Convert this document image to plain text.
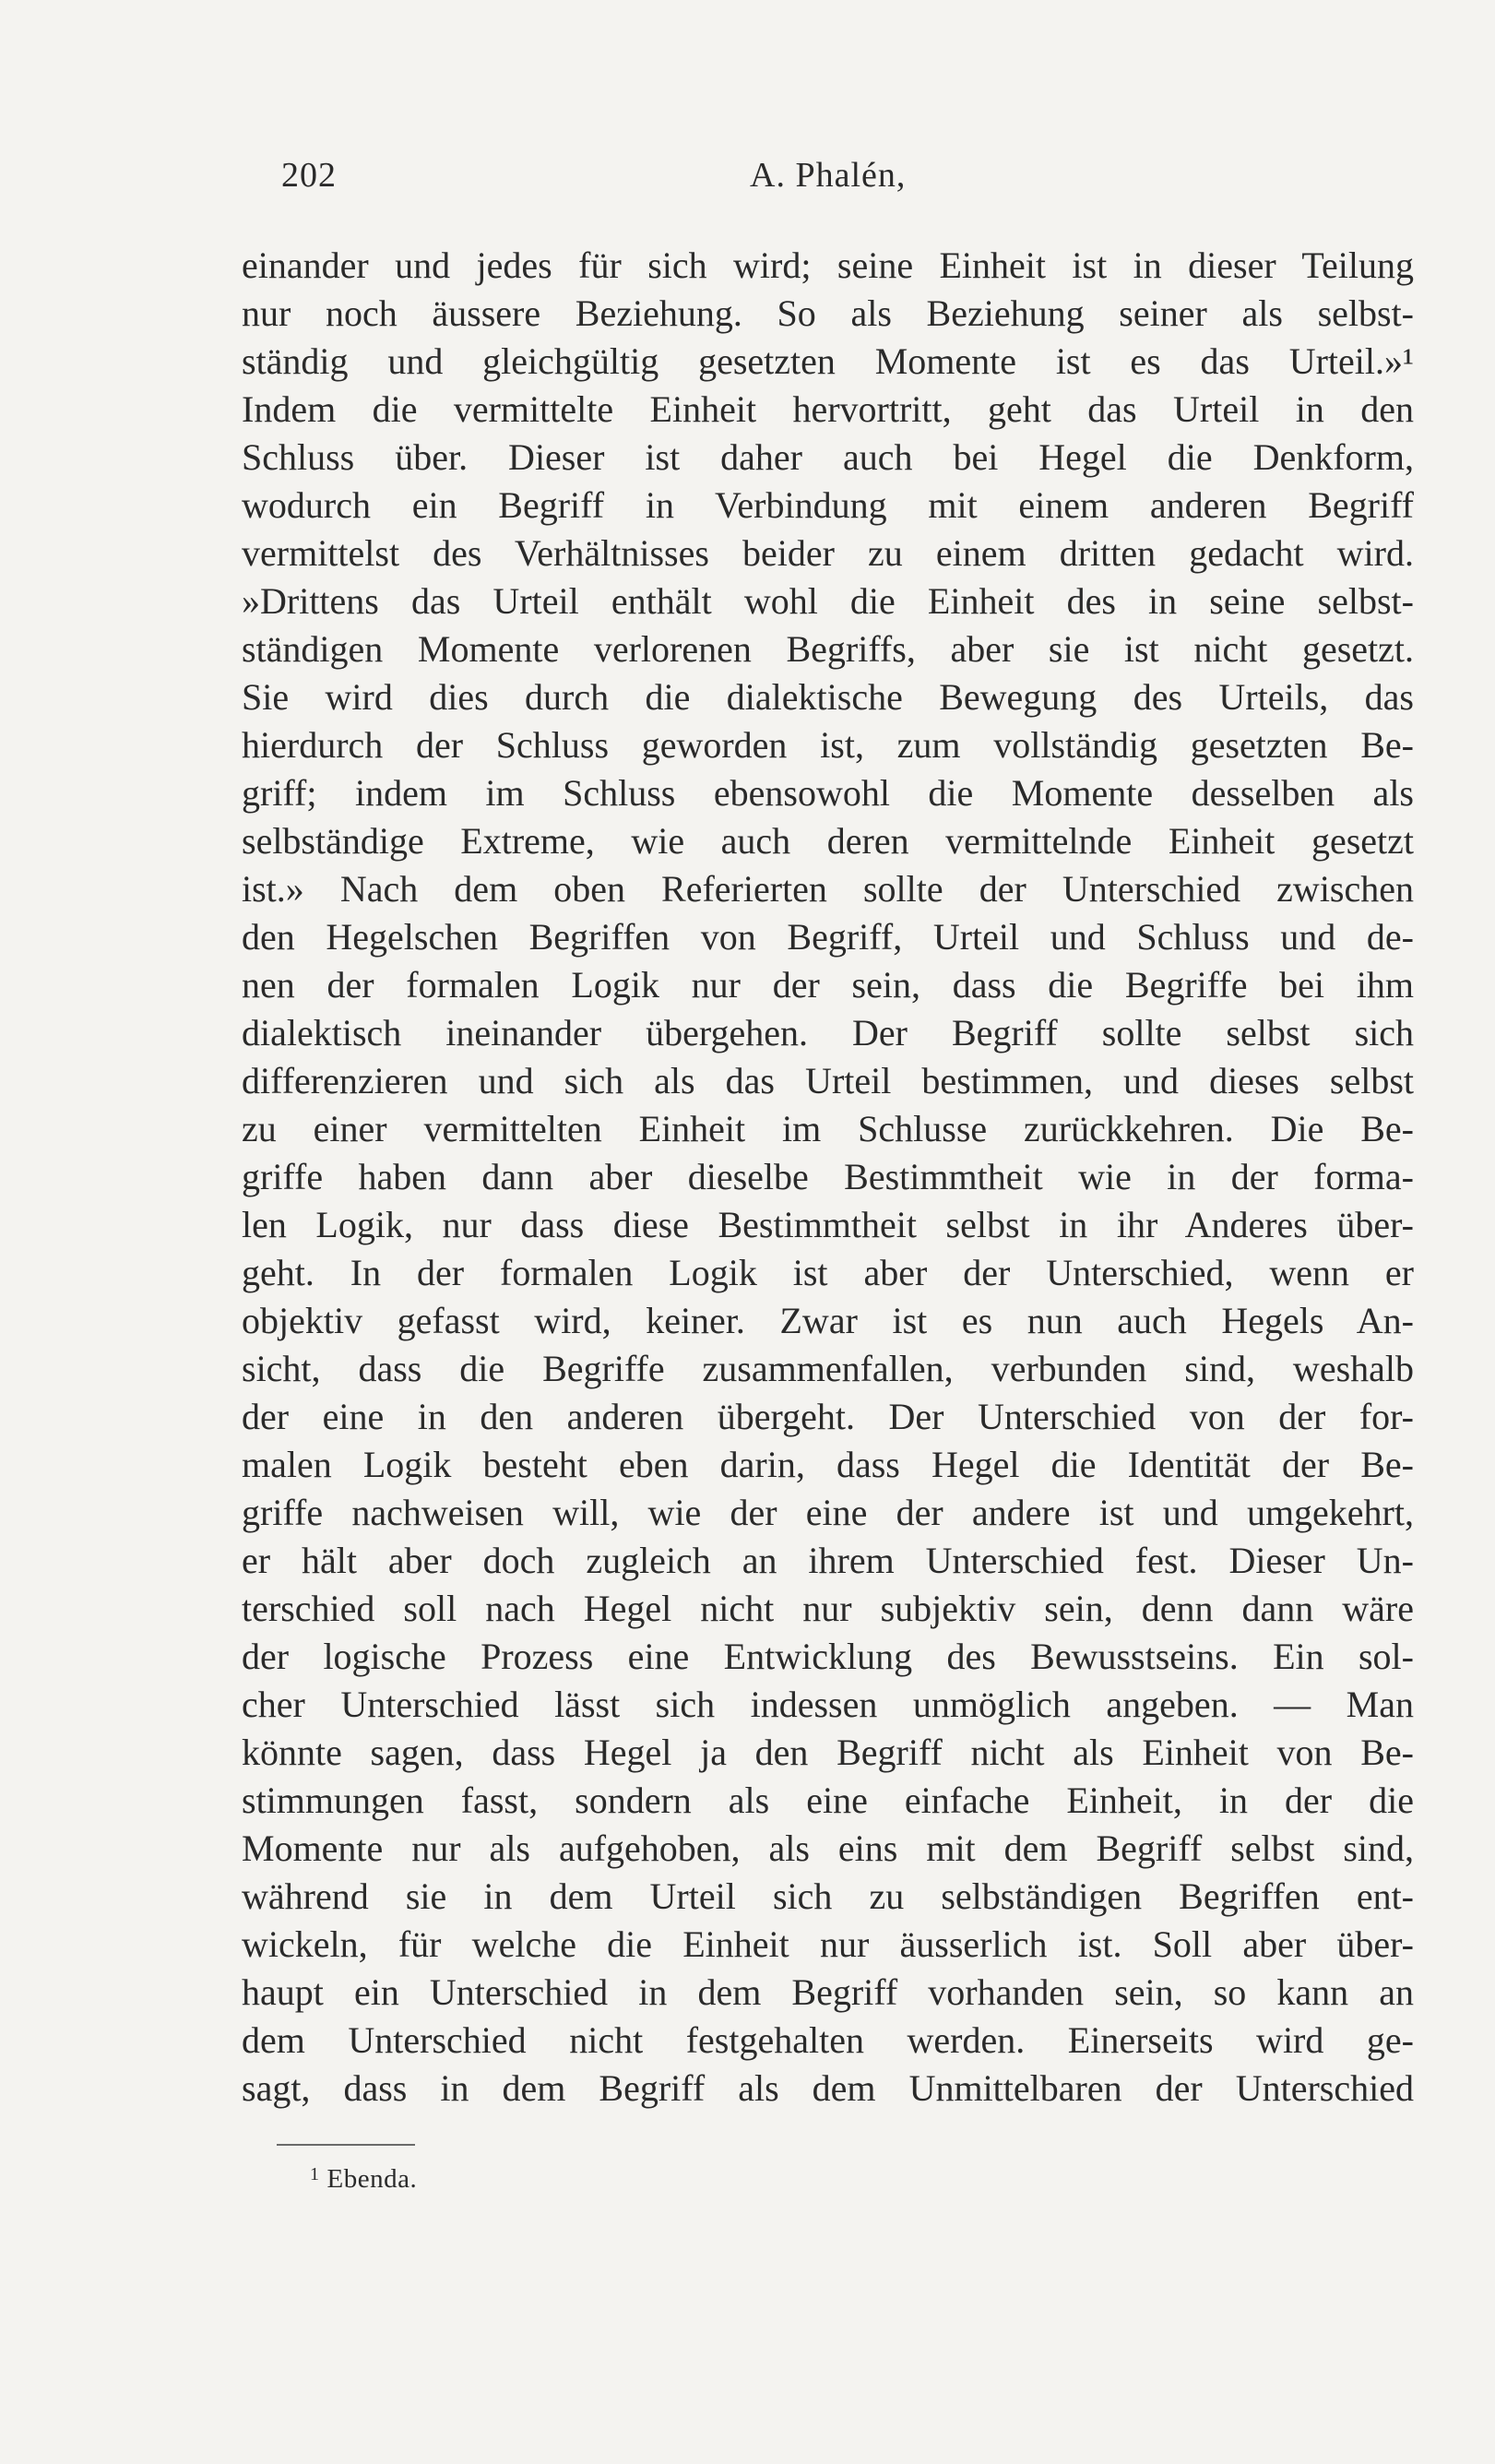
202	A. Phalén,
einander und jedes für sich wird; seine Einheit ist in dieser Teilung
nur noch äussere Beziehung. So als Beziehung seiner als selbst-
ständig und gleichgültig gesetzten Momente ist es das Urteil.»¹
Indem die vermittelte Einheit hervortritt, geht das Urteil in den
Schluss über. Dieser ist daher auch bei Hegel die Denkform,
wodurch ein Begriff in Verbindung mit einem anderen Begriff
vermittelst des Verhältnisses beider zu einem dritten gedacht wird.
»Drittens das Urteil enthält wohl die Einheit des in seine selbst-
ständigen Momente verlorenen Begriffs, aber sie ist nicht gesetzt.
Sie wird dies durch die dialektische Bewegung des Urteils, das
hierdurch der Schluss geworden ist, zum vollständig gesetzten Be-
griff; indem im Schluss ebensowohl die Momente desselben als
selbständige Extreme, wie auch deren vermittelnde Einheit gesetzt
ist.» Nach dem oben Referierten sollte der Unterschied zwischen
den Hegelschen Begriffen von Begriff, Urteil und Schluss und de-
nen der formalen Logik nur der sein, dass die Begriffe bei ihm
dialektisch ineinander übergehen. Der Begriff sollte selbst sich
differenzieren und sich als das Urteil bestimmen, und dieses selbst
zu einer vermittelten Einheit im Schlusse zurückkehren. Die Be-
griffe haben dann aber dieselbe Bestimmtheit wie in der forma-
len Logik, nur dass diese Bestimmtheit selbst in ihr Anderes über-
geht. In der formalen Logik ist aber der Unterschied, wenn er
objektiv gefasst wird, keiner. Zwar ist es nun auch Hegels An-
sicht, dass die Begriffe zusammenfallen, verbunden sind, weshalb
der eine in den anderen übergeht. Der Unterschied von der for-
malen Logik besteht eben darin, dass Hegel die Identität der Be-
griffe nachweisen will, wie der eine der andere ist und umgekehrt,
er hält aber doch zugleich an ihrem Unterschied fest. Dieser Un-
terschied soll nach Hegel nicht nur subjektiv sein, denn dann wäre
der logische Prozess eine Entwicklung des Bewusstseins. Ein sol-
cher Unterschied lässt sich indessen unmöglich angeben. — Man
könnte sagen, dass Hegel ja den Begriff nicht als Einheit von Be-
stimmungen fasst, sondern als eine einfache Einheit, in der die
Momente nur als aufgehoben, als eins mit dem Begriff selbst sind,
während sie in dem Urteil sich zu selbständigen Begriffen ent-
wickeln, für welche die Einheit nur äusserlich ist. Soll aber über-
haupt ein Unterschied in dem Begriff vorhanden sein, so kann an
dem Unterschied nicht festgehalten werden. Einerseits wird ge-
sagt, dass in dem Begriff als dem Unmittelbaren der Unterschied
$^1$ Ebenda.
